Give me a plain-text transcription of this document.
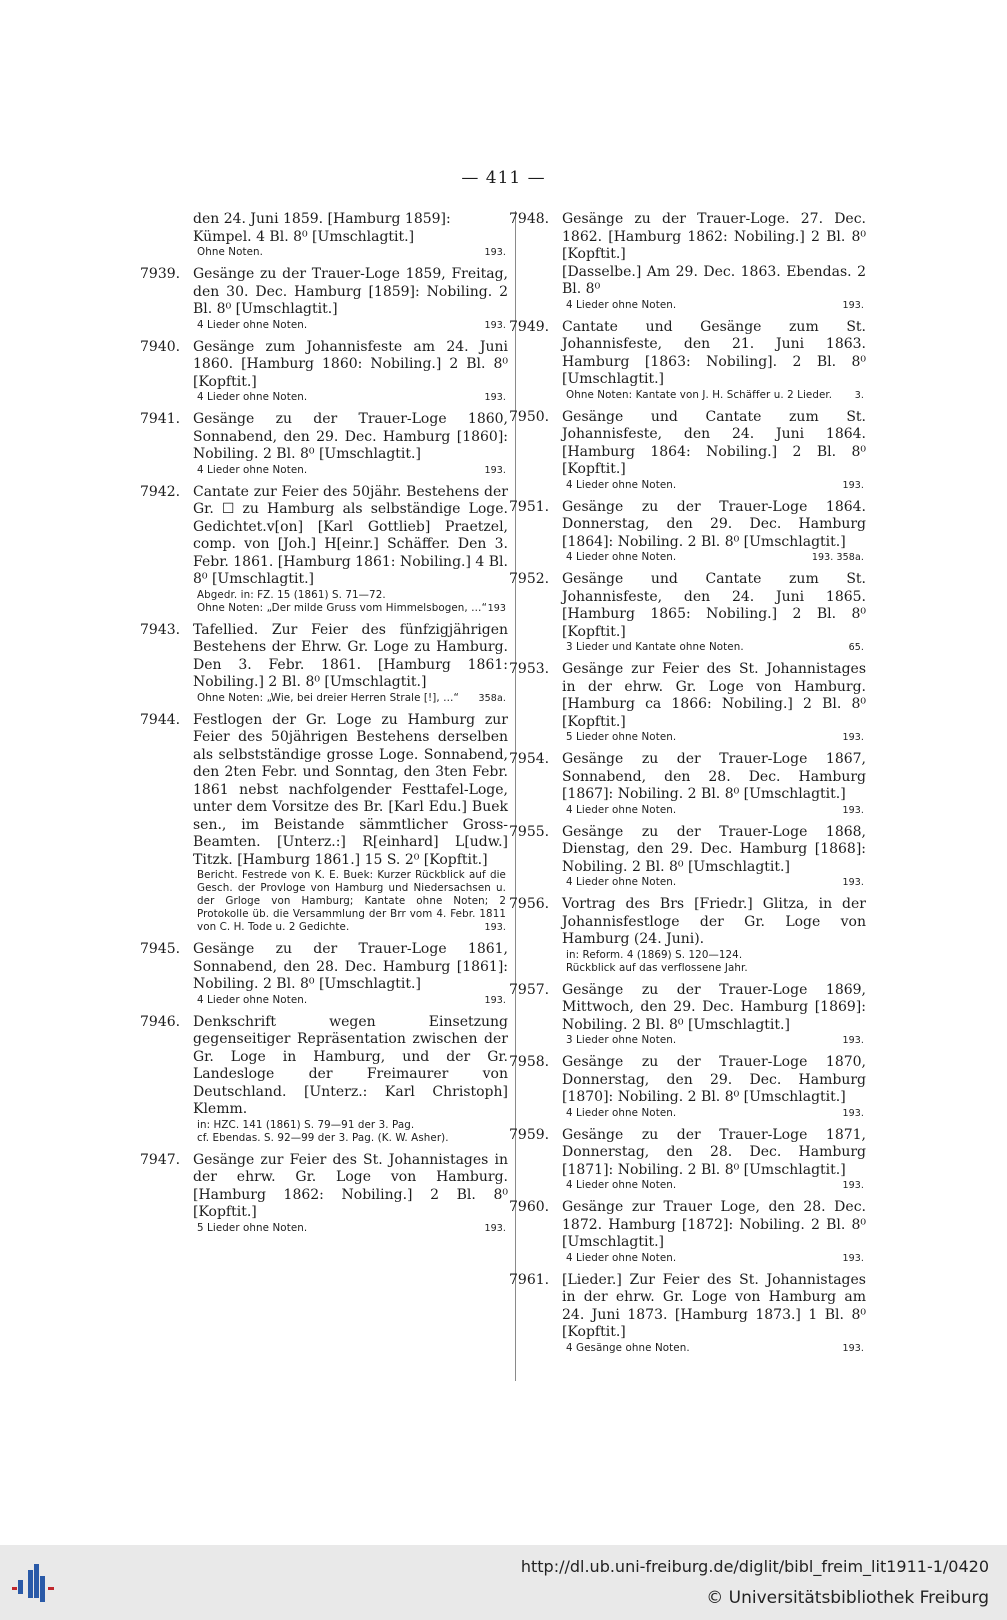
— 411 —
den 24. Juni 1859. [Hamburg 1859]:
Kümpel. 4 Bl. 8⁰ [Umschlagtit.]
Ohne Noten.	193.
7939. Gesänge zu der Trauer-Loge 1859, Freitag, den 30. Dec. Hamburg [1859]: Nobiling. 2 Bl. 8⁰ [Umschlagtit.]
4 Lieder ohne Noten.	193.
7940. Gesänge zum Johannisfeste am 24. Juni 1860. [Hamburg 1860: Nobiling.] 2 Bl. 8⁰ [Kopftit.]
4 Lieder ohne Noten.	193.
7941. Gesänge zu der Trauer-Loge 1860, Sonnabend, den 29. Dec. Hamburg [1860]: Nobiling. 2 Bl. 8⁰ [Umschlagtit.]
4 Lieder ohne Noten.	193.
7942. Cantate zur Feier des 50jähr. Bestehens der Gr. ☐ zu Hamburg als selbständige Loge. Gedichtet.v[on] [Karl Gottlieb] Praetzel, comp. von [Joh.] H[einr.] Schäffer. Den 3. Febr. 1861. [Hamburg 1861: Nobiling.] 4 Bl. 8⁰ [Umschlagtit.]
Abgedr. in: FZ. 15 (1861) S. 71—72.
Ohne Noten: „Der milde Gruss vom Himmelsbogen, …“ 193
7943. Tafellied. Zur Feier des fünfzigjährigen Bestehens der Ehrw. Gr. Loge zu Hamburg. Den 3. Febr. 1861. [Hamburg 1861: Nobiling.] 2 Bl. 8⁰ [Umschlagtit.]
Ohne Noten: „Wie, bei dreier Herren Strale [!], …“ 358a.
7944. Festlogen der Gr. Loge zu Hamburg zur Feier des 50jährigen Bestehens derselben als selbstständige grosse Loge. Sonnabend, den 2ten Febr. und Sonntag, den 3ten Febr. 1861 nebst nachfolgender Festtafel-Loge, unter dem Vorsitze des Br. [Karl Edu.] Buek sen., im Beistande sämmtlicher Gross-Beamten. [Unterz.:] R[einhard] L[udw.] Titzk. [Hamburg 1861.] 15 S. 2⁰ [Kopftit.]
Bericht. Festrede von K. E. Buek: Kurzer Rückblick auf die Gesch. der Provloge von Hamburg und Niedersachsen u. der Grloge von Hamburg; Kantate ohne Noten; 2 Protokolle üb. die Versammlung der Brr vom 4. Febr. 1811 von C. H. Tode u. 2 Gedichte.	193.
7945. Gesänge zu der Trauer-Loge 1861, Sonnabend, den 28. Dec. Hamburg [1861]: Nobiling. 2 Bl. 8⁰ [Umschlagtit.]
4 Lieder ohne Noten.	193.
7946. Denkschrift wegen Einsetzung gegenseitiger Repräsentation zwischen der Gr. Loge in Hamburg, und der Gr. Landesloge der Freimaurer von Deutschland. [Unterz.: Karl Christoph] Klemm.
in: HZC. 141 (1861) S. 79—91 der 3. Pag.
cf. Ebendas. S. 92—99 der 3. Pag. (K. W. Asher).
7947. Gesänge zur Feier des St. Johannistages in der ehrw. Gr. Loge von Hamburg. [Hamburg 1862: Nobiling.] 2 Bl. 8⁰ [Kopftit.]
5 Lieder ohne Noten.	193.
7948. Gesänge zu der Trauer-Loge. 27. Dec. 1862. [Hamburg 1862: Nobiling.] 2 Bl. 8⁰ [Kopftit.]
[Dasselbe.] Am 29. Dec. 1863. Ebendas. 2 Bl. 8⁰
4 Lieder ohne Noten.	193.
7949. Cantate und Gesänge zum St. Johannisfeste, den 21. Juni 1863. Hamburg [1863: Nobiling]. 2 Bl. 8⁰ [Umschlagtit.]
Ohne Noten: Kantate von J. H. Schäffer u. 2 Lieder. 3.
7950. Gesänge und Cantate zum St. Johannisfeste, den 24. Juni 1864. [Hamburg 1864: Nobiling.] 2 Bl. 8⁰ [Kopftit.]
4 Lieder ohne Noten.	193.
7951. Gesänge zu der Trauer-Loge 1864. Donnerstag, den 29. Dec. Hamburg [1864]: Nobiling. 2 Bl. 8⁰ [Umschlagtit.]
4 Lieder ohne Noten.	193. 358a.
7952. Gesänge und Cantate zum St. Johannisfeste, den 24. Juni 1865. [Hamburg 1865: Nobiling.] 2 Bl. 8⁰ [Kopftit.]
3 Lieder und Kantate ohne Noten.	65.
7953. Gesänge zur Feier des St. Johannistages in der ehrw. Gr. Loge von Hamburg. [Hamburg ca 1866: Nobiling.] 2 Bl. 8⁰ [Kopftit.]
5 Lieder ohne Noten.	193.
7954. Gesänge zu der Trauer-Loge 1867, Sonnabend, den 28. Dec. Hamburg [1867]: Nobiling. 2 Bl. 8⁰ [Umschlagtit.]
4 Lieder ohne Noten.	193.
7955. Gesänge zu der Trauer-Loge 1868, Dienstag, den 29. Dec. Hamburg [1868]: Nobiling. 2 Bl. 8⁰ [Umschlagtit.]
4 Lieder ohne Noten.	193.
7956. Vortrag des Brs [Friedr.] Glitza, in der Johannisfestloge der Gr. Loge von Hamburg (24. Juni).
in: Reform. 4 (1869) S. 120—124.
Rückblick auf das verflossene Jahr.
7957. Gesänge zu der Trauer-Loge 1869, Mittwoch, den 29. Dec. Hamburg [1869]: Nobiling. 2 Bl. 8⁰ [Umschlagtit.]
3 Lieder ohne Noten.	193.
7958. Gesänge zu der Trauer-Loge 1870, Donnerstag, den 29. Dec. Hamburg [1870]: Nobiling. 2 Bl. 8⁰ [Umschlagtit.]
4 Lieder ohne Noten.	193.
7959. Gesänge zu der Trauer-Loge 1871, Donnerstag, den 28. Dec. Hamburg [1871]: Nobiling. 2 Bl. 8⁰ [Umschlagtit.]
4 Lieder ohne Noten.	193.
7960. Gesänge zur Trauer Loge, den 28. Dec. 1872. Hamburg [1872]: Nobiling. 2 Bl. 8⁰ [Umschlagtit.]
4 Lieder ohne Noten.	193.
7961. [Lieder.] Zur Feier des St. Johannistages in der ehrw. Gr. Loge von Hamburg am 24. Juni 1873. [Hamburg 1873.] 1 Bl. 8⁰ [Kopftit.]
4 Gesänge ohne Noten.	193.
http://dl.ub.uni-freiburg.de/diglit/bibl_freim_lit1911-1/0420
© Universitätsbibliothek Freiburg
